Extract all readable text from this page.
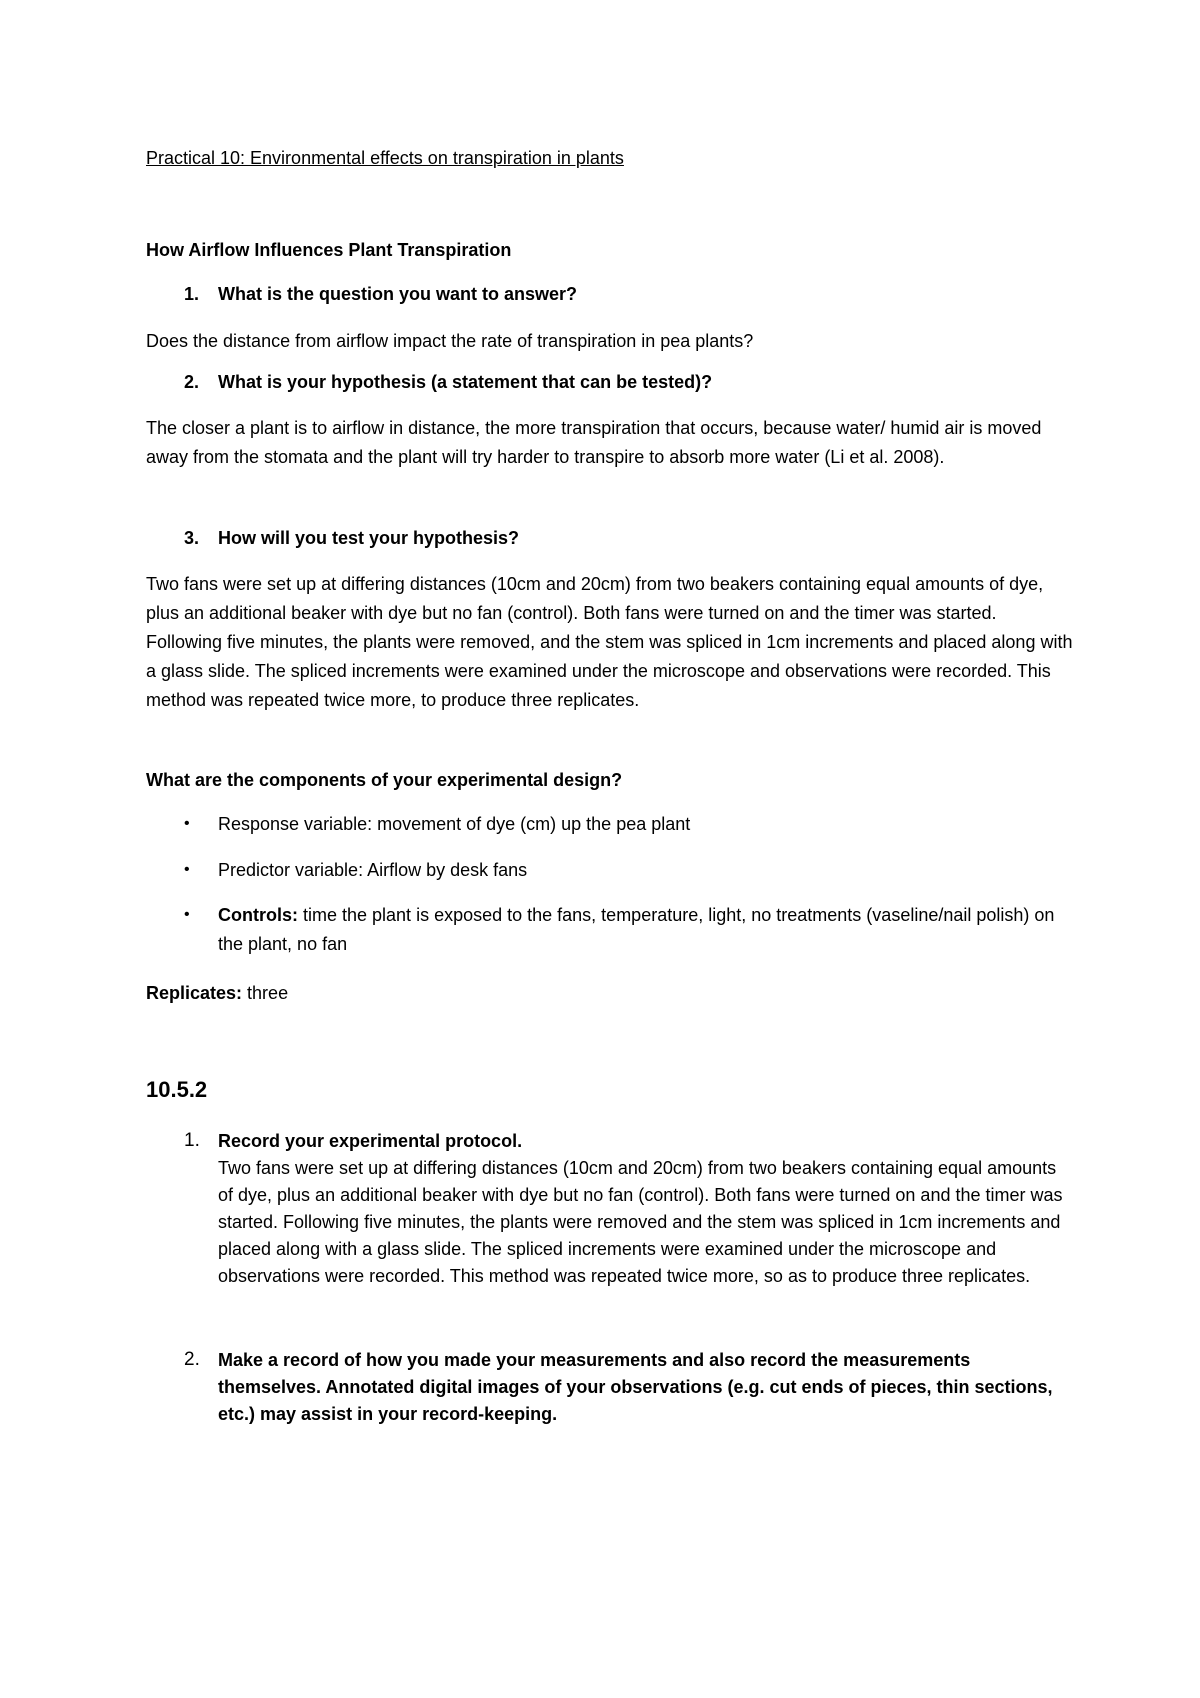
Practical 10: Environmental effects on transpiration in plants
How Airflow Influences Plant Transpiration
1. What is the question you want to answer?
Does the distance from airflow impact the rate of transpiration in pea plants?
2. What is your hypothesis (a statement that can be tested)?
The closer a plant is to airflow in distance, the more transpiration that occurs, because water/ humid air is moved away from the stomata and the plant will try harder to transpire to absorb more water (Li et al. 2008).
3. How will you test your hypothesis?
Two fans were set up at differing distances (10cm and 20cm) from two beakers containing equal amounts of dye, plus an additional beaker with dye but no fan (control). Both fans were turned on and the timer was started. Following five minutes, the plants were removed, and the stem was spliced in 1cm increments and placed along with a glass slide. The spliced increments were examined under the microscope and observations were recorded. This method was repeated twice more, to produce three replicates.
What are the components of your experimental design?
• Response variable: movement of dye (cm) up the pea plant
• Predictor variable: Airflow by desk fans
• Controls: time the plant is exposed to the fans, temperature, light, no treatments (vaseline/nail polish) on the plant, no fan
Replicates: three
10.5.2
1. Record your experimental protocol.
Two fans were set up at differing distances (10cm and 20cm) from two beakers containing equal amounts of dye, plus an additional beaker with dye but no fan (control). Both fans were turned on and the timer was started. Following five minutes, the plants were removed and the stem was spliced in 1cm increments and placed along with a glass slide. The spliced increments were examined under the microscope and observations were recorded. This method was repeated twice more, so as to produce three replicates.
2. Make a record of how you made your measurements and also record the measurements themselves. Annotated digital images of your observations (e.g. cut ends of pieces, thin sections, etc.) may assist in your record-keeping.
